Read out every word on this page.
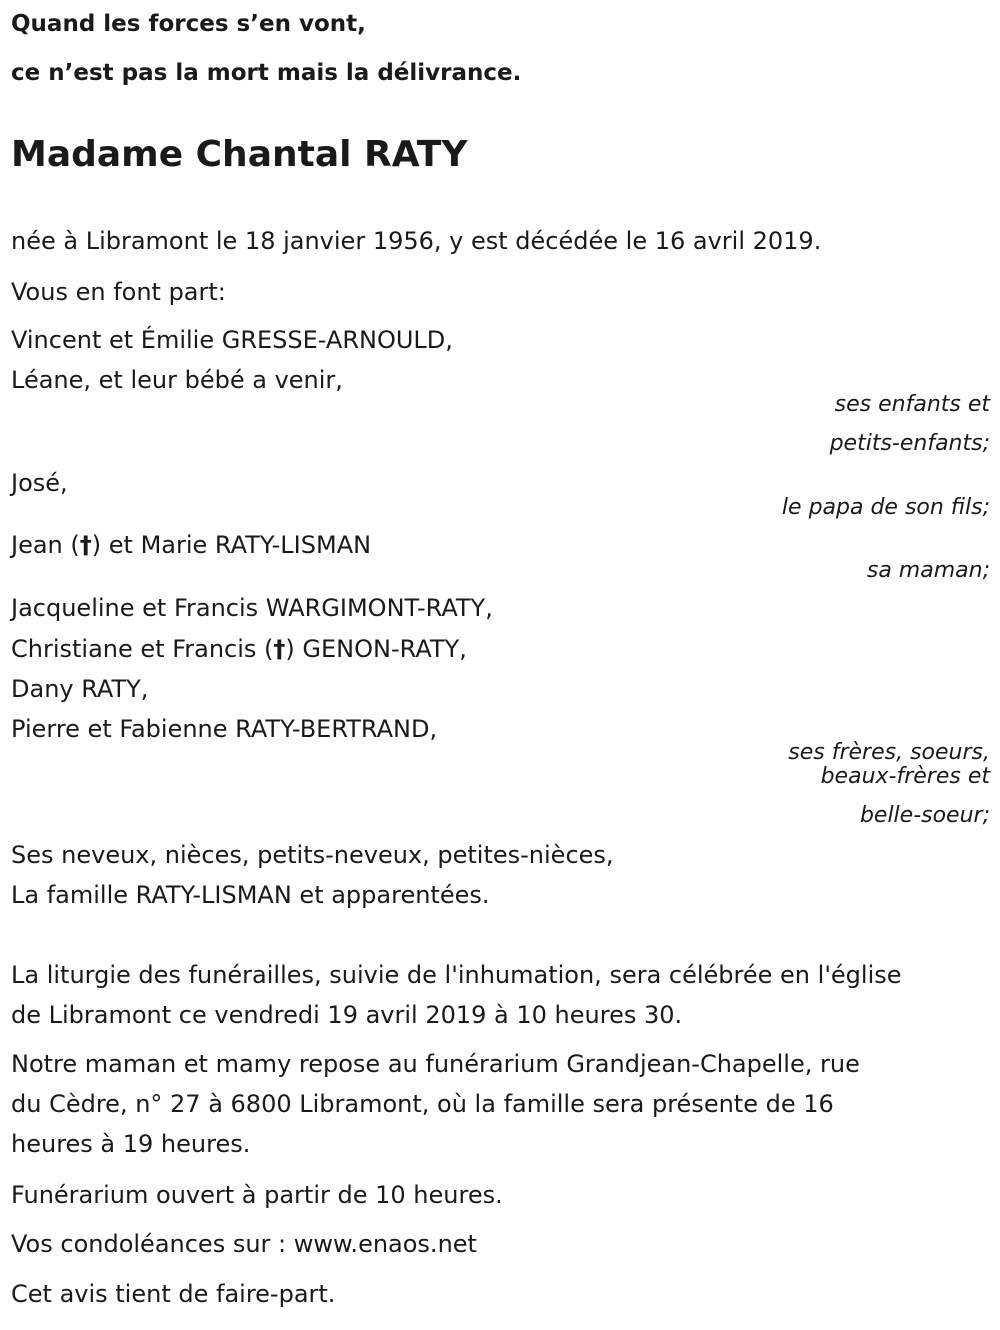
Quand les forces s’en vont,
ce n’est pas la mort mais la délivrance.
Madame Chantal RATY
née à Libramont le 18 janvier 1956, y est décédée le 16 avril 2019.
Vous en font part:
Vincent et Émilie GRESSE-ARNOULD,
Léane, et leur bébé a venir,
ses enfants et
petits-enfants;
José,
le papa de son fils;
Jean (†) et Marie RATY-LISMAN
sa maman;
Jacqueline et Francis WARGIMONT-RATY,
Christiane et Francis (†) GENON-RATY,
Dany RATY,
Pierre et Fabienne RATY-BERTRAND,
ses frères, soeurs,
beaux-frères et
belle-soeur;
Ses neveux, nièces, petits-neveux, petites-nièces,
La famille RATY-LISMAN et apparentées.
La liturgie des funérailles, suivie de l'inhumation, sera célébrée en l'église
de Libramont ce vendredi 19 avril 2019 à 10 heures 30.
Notre maman et mamy repose au funérarium Grandjean-Chapelle, rue
du Cèdre, n° 27 à 6800 Libramont, où la famille sera présente de 16
heures à 19 heures.
Funérarium ouvert à partir de 10 heures.
Vos condoléances sur : www.enaos.net
Cet avis tient de faire-part.
